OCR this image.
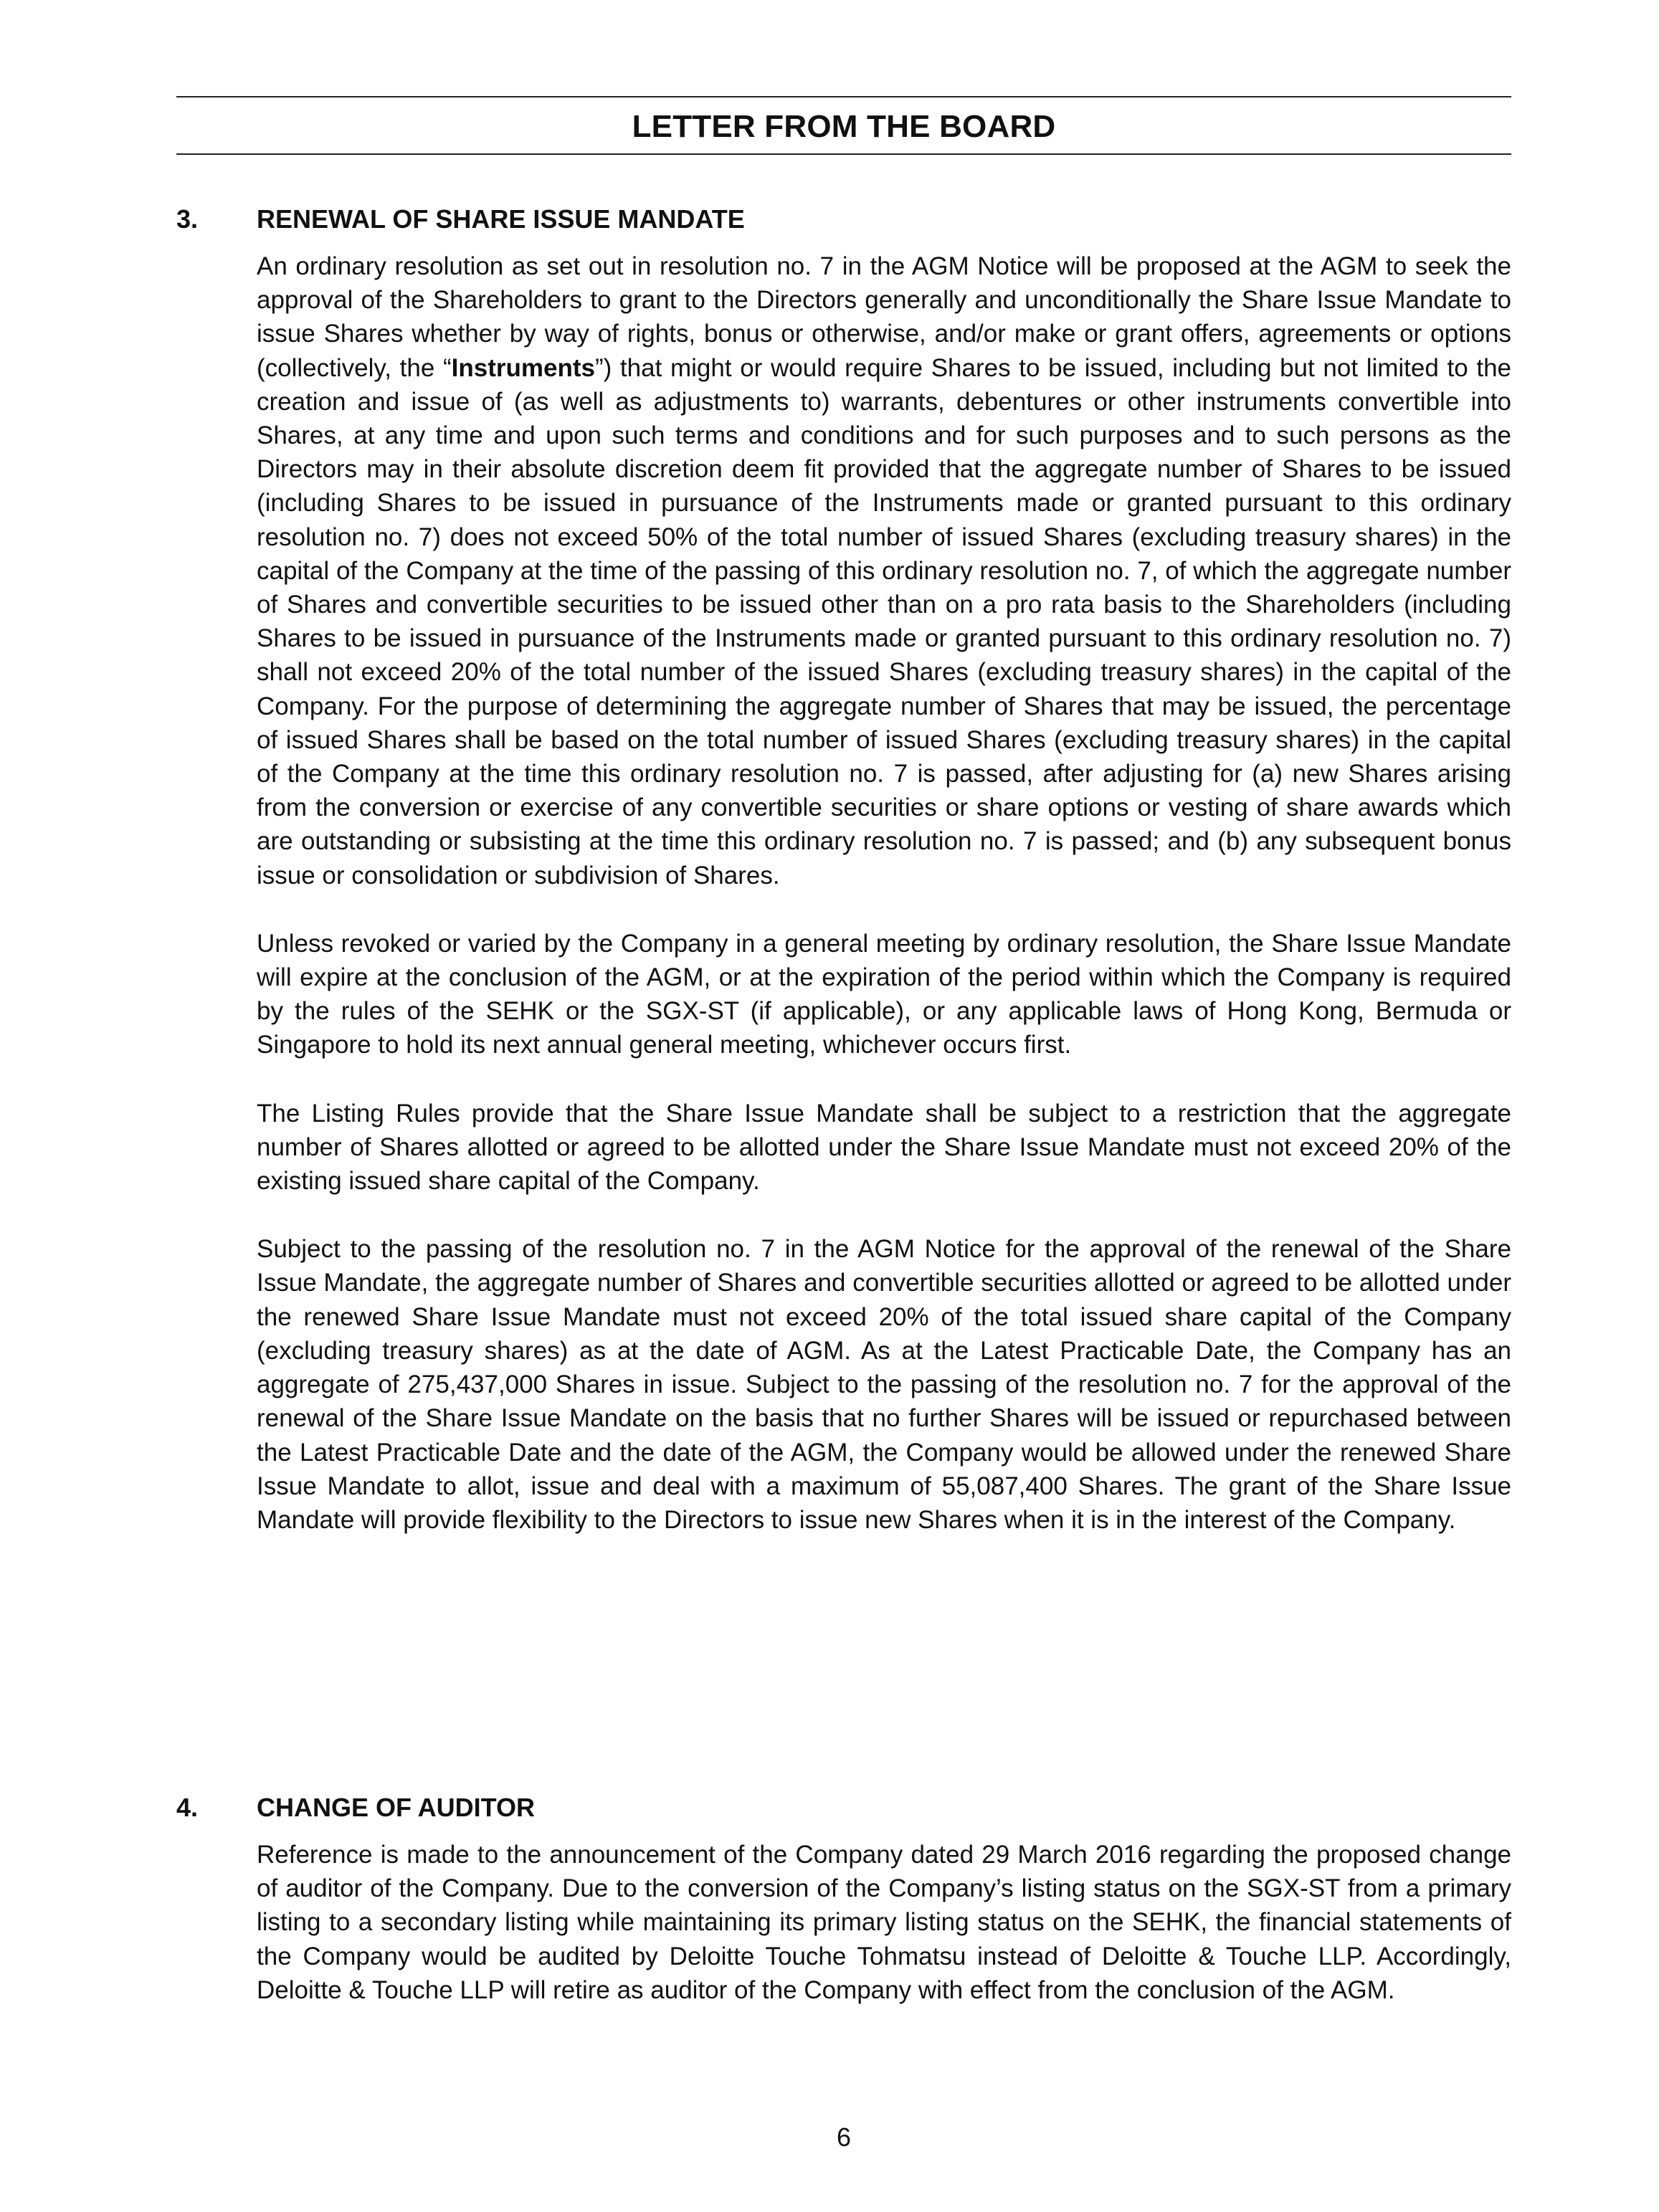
LETTER FROM THE BOARD
3. RENEWAL OF SHARE ISSUE MANDATE

An ordinary resolution as set out in resolution no. 7 in the AGM Notice will be proposed at the AGM to seek the approval of the Shareholders to grant to the Directors generally and unconditionally the Share Issue Mandate to issue Shares whether by way of rights, bonus or otherwise, and/or make or grant offers, agreements or options (collectively, the “Instruments”) that might or would require Shares to be issued, including but not limited to the creation and issue of (as well as adjustments to) warrants, debentures or other instruments convertible into Shares, at any time and upon such terms and conditions and for such purposes and to such persons as the Directors may in their absolute discretion deem fit provided that the aggregate number of Shares to be issued (including Shares to be issued in pursuance of the Instruments made or granted pursuant to this ordinary resolution no. 7) does not exceed 50% of the total number of issued Shares (excluding treasury shares) in the capital of the Company at the time of the passing of this ordinary resolution no. 7, of which the aggregate number of Shares and convertible securities to be issued other than on a pro rata basis to the Shareholders (including Shares to be issued in pursuance of the Instruments made or granted pursuant to this ordinary resolution no. 7) shall not exceed 20% of the total number of the issued Shares (excluding treasury shares) in the capital of the Company. For the purpose of determining the aggregate number of Shares that may be issued, the percentage of issued Shares shall be based on the total number of issued Shares (excluding treasury shares) in the capital of the Company at the time this ordinary resolution no. 7 is passed, after adjusting for (a) new Shares arising from the conversion or exercise of any convertible securities or share options or vesting of share awards which are outstanding or subsisting at the time this ordinary resolution no. 7 is passed; and (b) any subsequent bonus issue or consolidation or subdivision of Shares.

Unless revoked or varied by the Company in a general meeting by ordinary resolution, the Share Issue Mandate will expire at the conclusion of the AGM, or at the expiration of the period within which the Company is required by the rules of the SEHK or the SGX-ST (if applicable), or any applicable laws of Hong Kong, Bermuda or Singapore to hold its next annual general meeting, whichever occurs first.

The Listing Rules provide that the Share Issue Mandate shall be subject to a restriction that the aggregate number of Shares allotted or agreed to be allotted under the Share Issue Mandate must not exceed 20% of the existing issued share capital of the Company.

Subject to the passing of the resolution no. 7 in the AGM Notice for the approval of the renewal of the Share Issue Mandate, the aggregate number of Shares and convertible securities allotted or agreed to be allotted under the renewed Share Issue Mandate must not exceed 20% of the total issued share capital of the Company (excluding treasury shares) as at the date of AGM. As at the Latest Practicable Date, the Company has an aggregate of 275,437,000 Shares in issue. Subject to the passing of the resolution no. 7 for the approval of the renewal of the Share Issue Mandate on the basis that no further Shares will be issued or repurchased between the Latest Practicable Date and the date of the AGM, the Company would be allowed under the renewed Share Issue Mandate to allot, issue and deal with a maximum of 55,087,400 Shares. The grant of the Share Issue Mandate will provide flexibility to the Directors to issue new Shares when it is in the interest of the Company.

4. CHANGE OF AUDITOR

Reference is made to the announcement of the Company dated 29 March 2016 regarding the proposed change of auditor of the Company. Due to the conversion of the Company’s listing status on the SGX-ST from a primary listing to a secondary listing while maintaining its primary listing status on the SEHK, the financial statements of the Company would be audited by Deloitte Touche Tohmatsu instead of Deloitte & Touche LLP. Accordingly, Deloitte & Touche LLP will retire as auditor of the Company with effect from the conclusion of the AGM.

6
